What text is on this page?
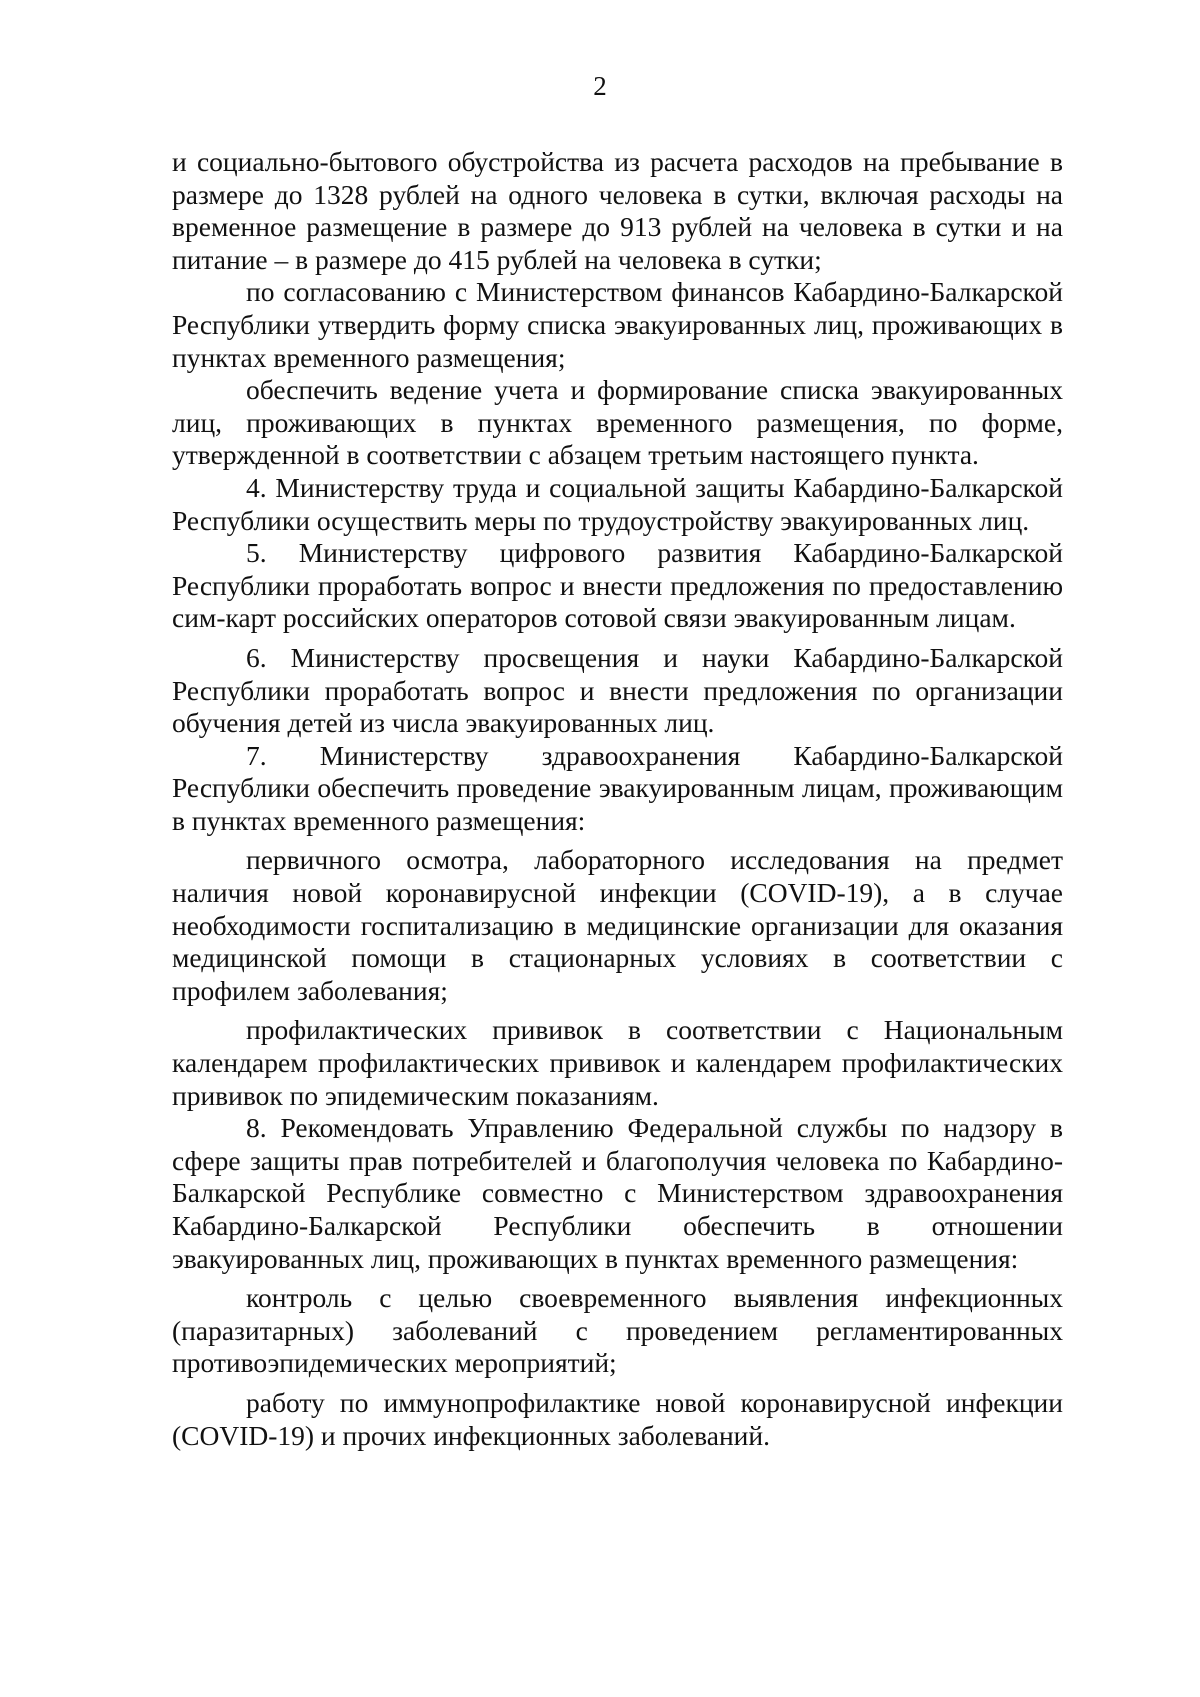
2

и социально-бытового обустройства из расчета расходов на пребывание в размере до 1328 рублей на одного человека в сутки, включая расходы на временное размещение в размере до 913 рублей на человека в сутки и на питание – в размере до 415 рублей на человека в сутки;

по согласованию с Министерством финансов Кабардино-Балкарской Республики утвердить форму списка эвакуированных лиц, проживающих в пунктах временного размещения;

обеспечить ведение учета и формирование списка эвакуированных лиц, проживающих в пунктах временного размещения, по форме, утвержденной в соответствии с абзацем третьим настоящего пункта.

4. Министерству труда и социальной защиты Кабардино-Балкарской Республики осуществить меры по трудоустройству эвакуированных лиц.

5. Министерству цифрового развития Кабардино-Балкарской Республики проработать вопрос и внести предложения по предоставлению сим-карт российских операторов сотовой связи эвакуированным лицам.

6. Министерству просвещения и науки Кабардино-Балкарской Республики проработать вопрос и внести предложения по организации обучения детей из числа эвакуированных лиц.

7. Министерству здравоохранения Кабардино-Балкарской Республики обеспечить проведение эвакуированным лицам, проживающим в пунктах временного размещения:

первичного осмотра, лабораторного исследования на предмет наличия новой коронавирусной инфекции (COVID-19), а в случае необходимости госпитализацию в медицинские организации для оказания медицинской помощи в стационарных условиях в соответствии с профилем заболевания;

профилактических прививок в соответствии с Национальным календарем профилактических прививок и календарем профилактических прививок по эпидемическим показаниям.

8. Рекомендовать Управлению Федеральной службы по надзору в сфере защиты прав потребителей и благополучия человека по Кабардино-Балкарской Республике совместно с Министерством здравоохранения Кабардино-Балкарской Республики обеспечить в отношении эвакуированных лиц, проживающих в пунктах временного размещения:

контроль с целью своевременного выявления инфекционных (паразитарных) заболеваний с проведением регламентированных противоэпидемических мероприятий;

работу по иммунопрофилактике новой коронавирусной инфекции (COVID-19) и прочих инфекционных заболеваний.
